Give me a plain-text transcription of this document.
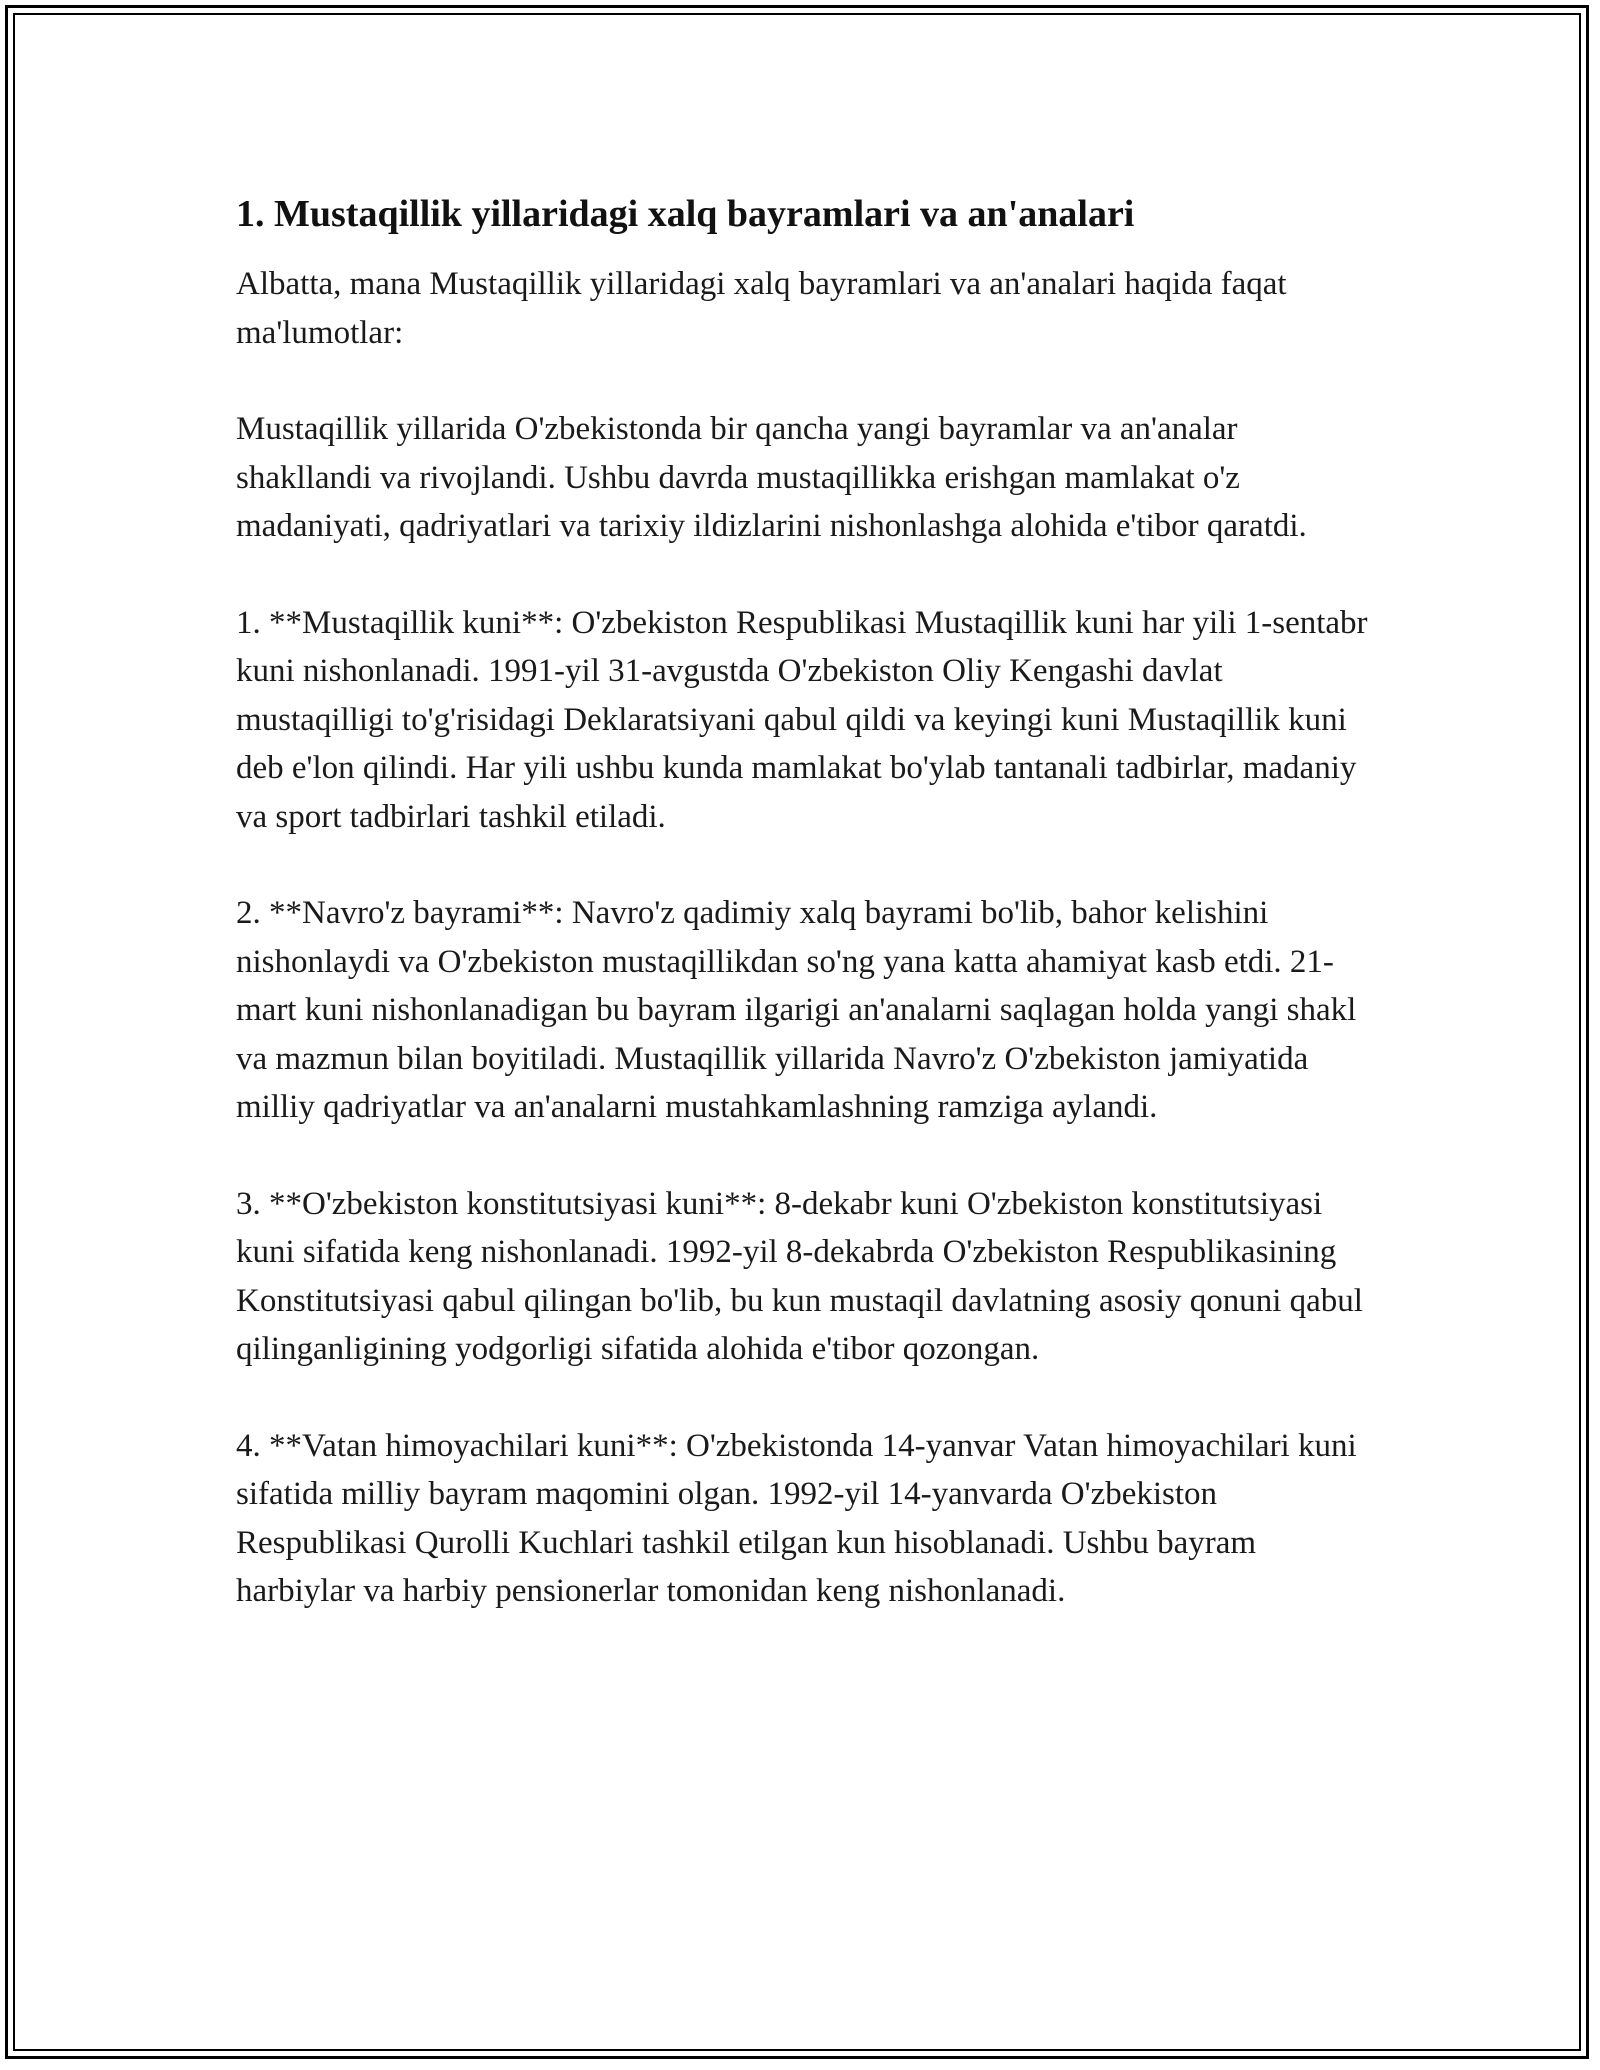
1. Mustaqillik yillaridagi xalq bayramlari va an'analari

Albatta, mana Mustaqillik yillaridagi xalq bayramlari va an'analari haqida faqat ma'lumotlar:

Mustaqillik yillarida O'zbekistonda bir qancha yangi bayramlar va an'analar shakllandi va rivojlandi. Ushbu davrda mustaqillikka erishgan mamlakat o'z madaniyati, qadriyatlari va tarixiy ildizlarini nishonlashga alohida e'tibor qaratdi.

1. **Mustaqillik kuni**: O'zbekiston Respublikasi Mustaqillik kuni har yili 1-sentabr kuni nishonlanadi. 1991-yil 31-avgustda O'zbekiston Oliy Kengashi davlat mustaqilligi to'g'risidagi Deklaratsiyani qabul qildi va keyingi kuni Mustaqillik kuni deb e'lon qilindi. Har yili ushbu kunda mamlakat bo'ylab tantanali tadbirlar, madaniy va sport tadbirlari tashkil etiladi.

2. **Navro'z bayrami**: Navro'z qadimiy xalq bayrami bo'lib, bahor kelishini nishonlaydi va O'zbekiston mustaqillikdan so'ng yana katta ahamiyat kasb etdi. 21-mart kuni nishonlanadigan bu bayram ilgarigi an'analarni saqlagan holda yangi shakl va mazmun bilan boyitiladi. Mustaqillik yillarida Navro'z O'zbekiston jamiyatida milliy qadriyatlar va an'analarni mustahkamlashning ramziga aylandi.

3. **O'zbekiston konstitutsiyasi kuni**: 8-dekabr kuni O'zbekiston konstitutsiyasi kuni sifatida keng nishonlanadi. 1992-yil 8-dekabrda O'zbekiston Respublikasining Konstitutsiyasi qabul qilingan bo'lib, bu kun mustaqil davlatning asosiy qonuni qabul qilinganligining yodgorligi sifatida alohida e'tibor qozongan.

4. **Vatan himoyachilari kuni**: O'zbekistonda 14-yanvar Vatan himoyachilari kuni sifatida milliy bayram maqomini olgan. 1992-yil 14-yanvarda O'zbekiston Respublikasi Qurolli Kuchlari tashkil etilgan kun hisoblanadi. Ushbu bayram harbiylar va harbiy pensionerlar tomonidan keng nishonlanadi.
